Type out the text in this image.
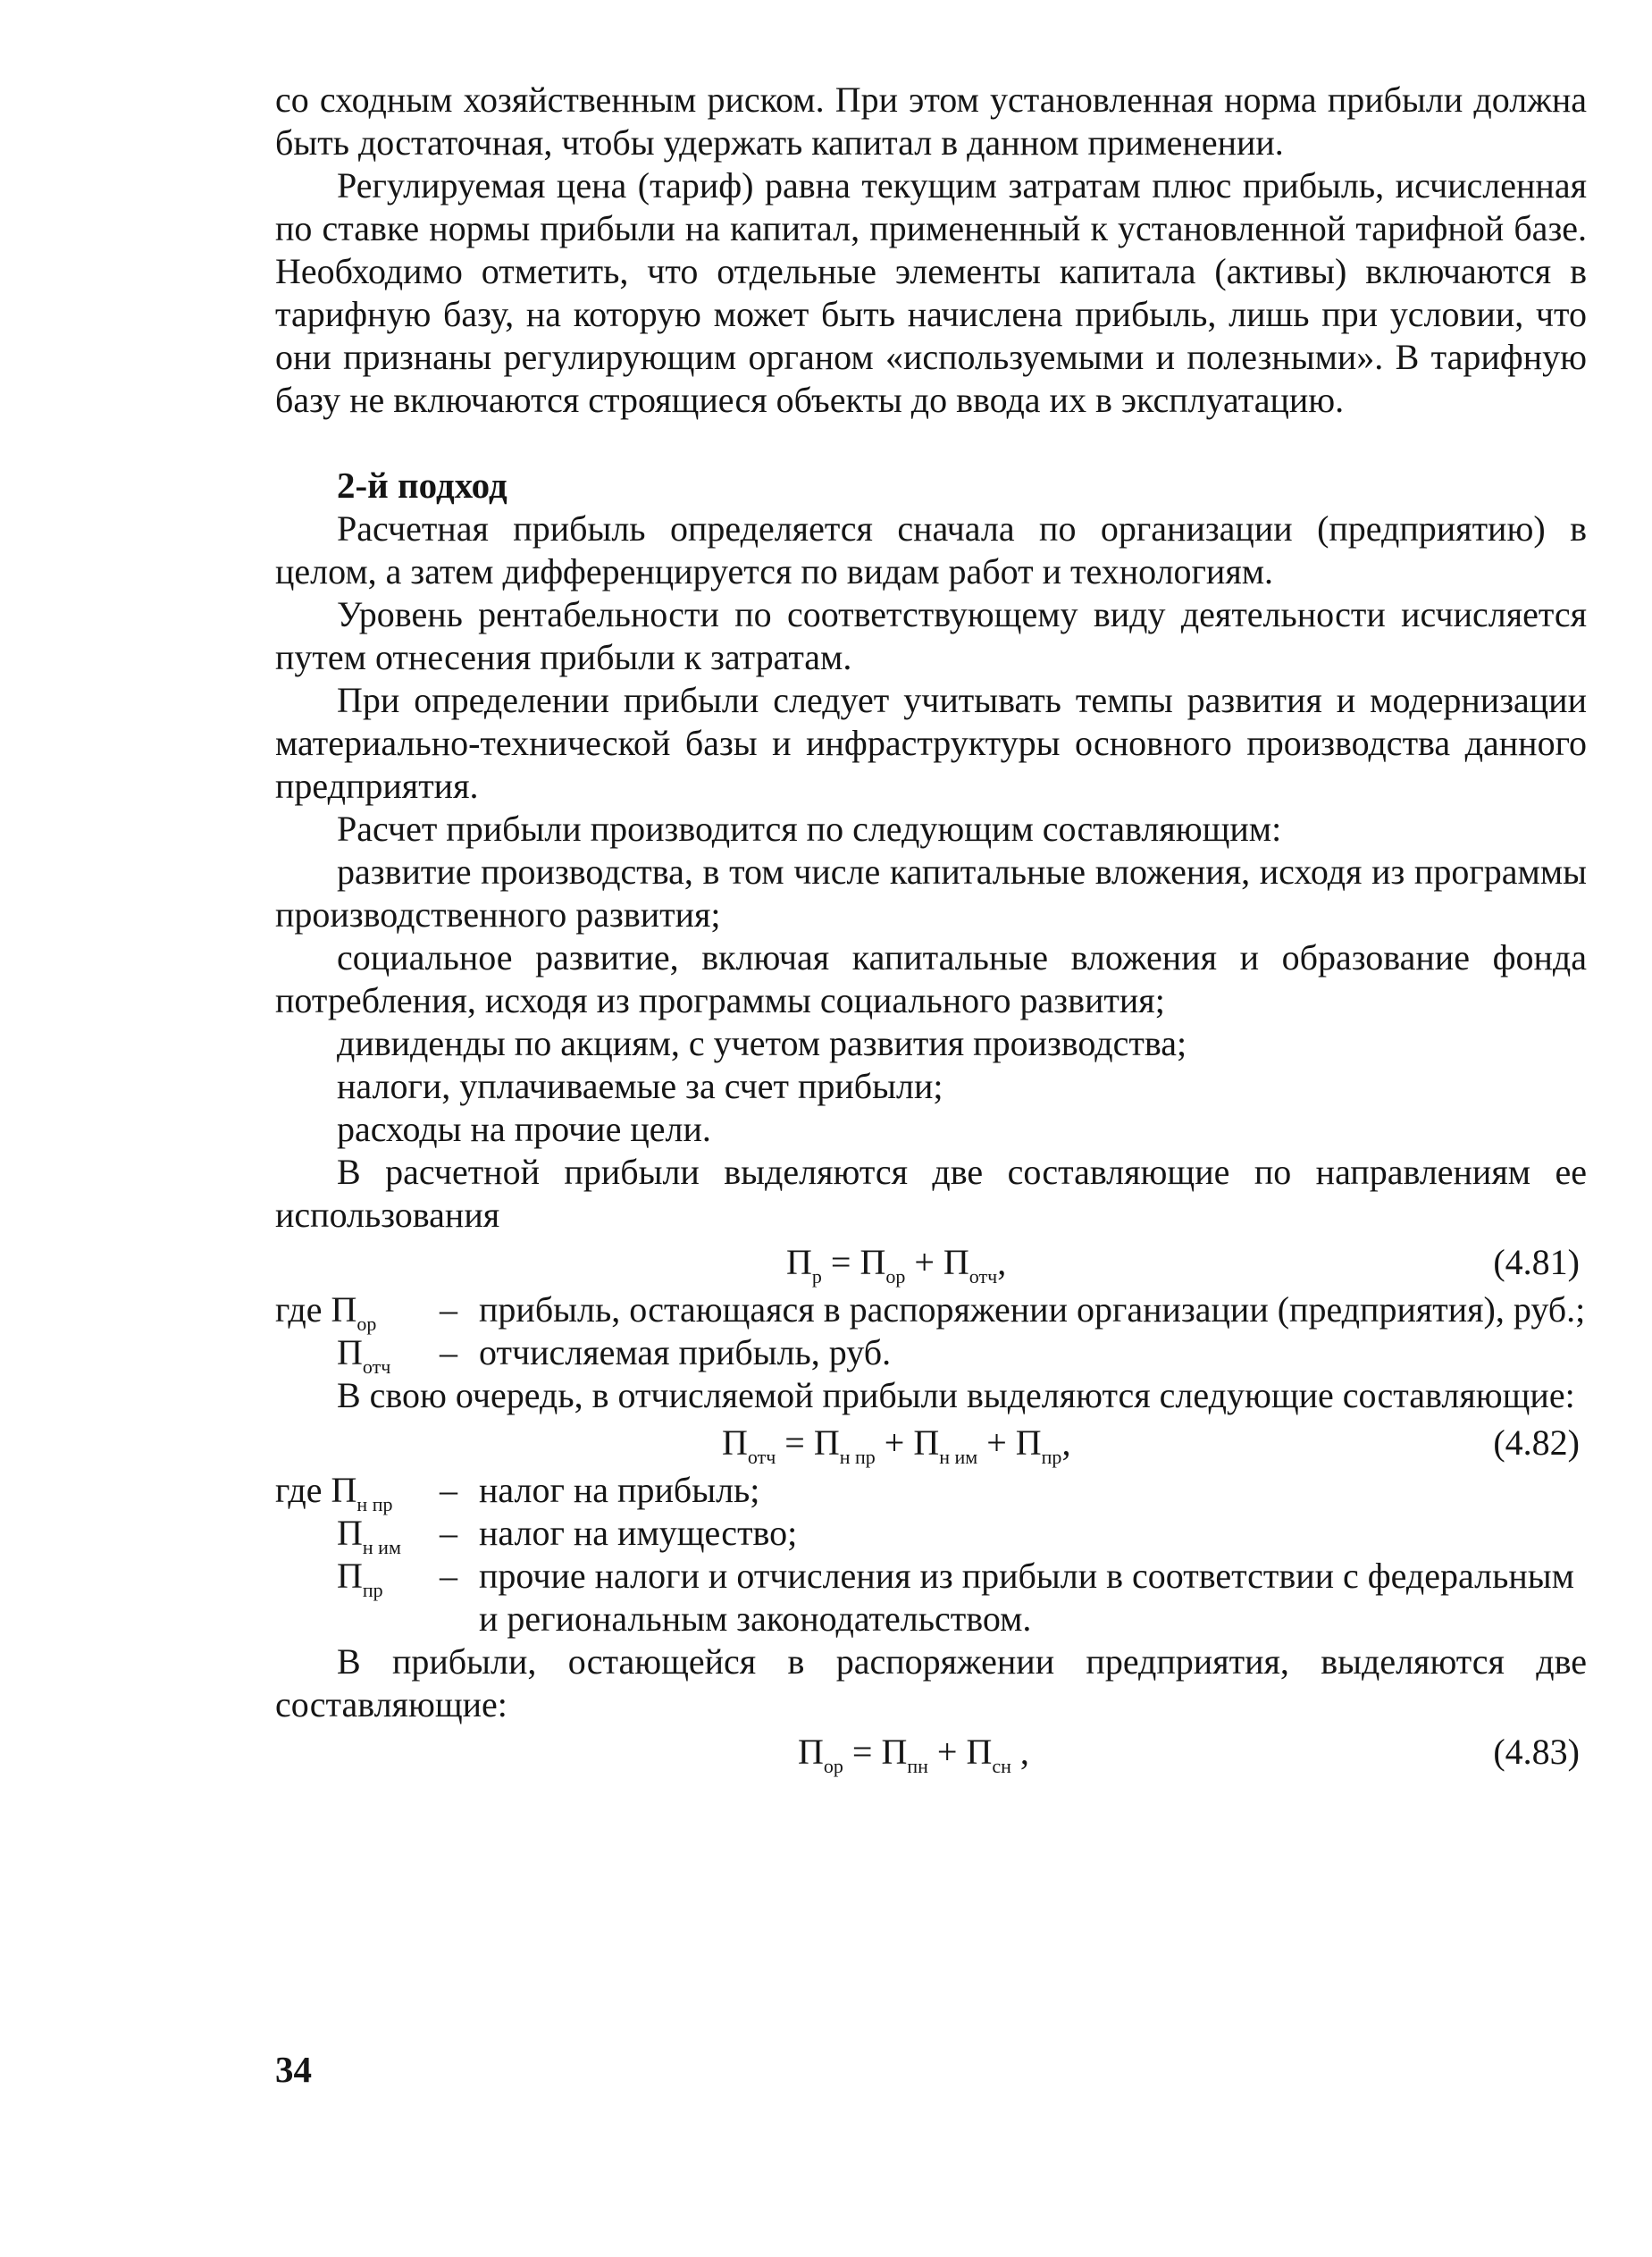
со сходным хозяйственным риском. При этом установленная норма прибыли должна быть достаточная, чтобы удержать капитал в данном применении.

Регулируемая цена (тариф) равна текущим затратам плюс прибыль, исчисленная по ставке нормы прибыли на капитал, примененный к установленной тарифной базе. Необходимо отметить, что отдельные элементы капитала (активы) включаются в тарифную базу, на которую может быть начислена прибыль, лишь при условии, что они признаны регулирующим органом «используемыми и полезными». В тарифную базу не включаются строящиеся объекты до ввода их в эксплуатацию.

2-й подход

Расчетная прибыль определяется сначала по организации (предприятию) в целом, а затем дифференцируется по видам работ и технологиям.

Уровень рентабельности по соответствующему виду деятельности исчисляется путем отнесения прибыли к затратам.

При определении прибыли следует учитывать темпы развития и модернизации материально-технической базы и инфраструктуры основного производства данного предприятия.

Расчет прибыли производится по следующим составляющим:

развитие производства, в том числе капитальные вложения, исходя из программы производственного развития;

социальное развитие, включая капитальные вложения и образование фонда потребления, исходя из программы социального развития;

дивиденды по акциям, с учетом развития производства;

налоги, уплачиваемые за счет прибыли;

расходы на прочие цели.

В расчетной прибыли выделяются две составляющие по направлениям ее использования

$П_р = П_{ор} + П_{отч}$,	(4.81)
где $П_{ор}$	– прибыль, остающаяся в распоряжении организации (предприятия), руб.;
$П_{отч}$	– отчисляемая прибыль, руб.

В свою очередь, в отчисляемой прибыли выделяются следующие составляющие:

$П_{отч} = П_{н пр} + П_{н им} + П_{пр}$,	(4.82)
где $П_{н пр}$	– налог на прибыль;
$П_{н им}$	– налог на имущество;
$П_{пр}$	– прочие налоги и отчисления из прибыли в соответствии с федеральным и региональным законодательством.

В прибыли, остающейся в распоряжении предприятия, выделяются две составляющие:

$П_{ор} = П_{пн} + П_{сн}$ ,	(4.83)
34
